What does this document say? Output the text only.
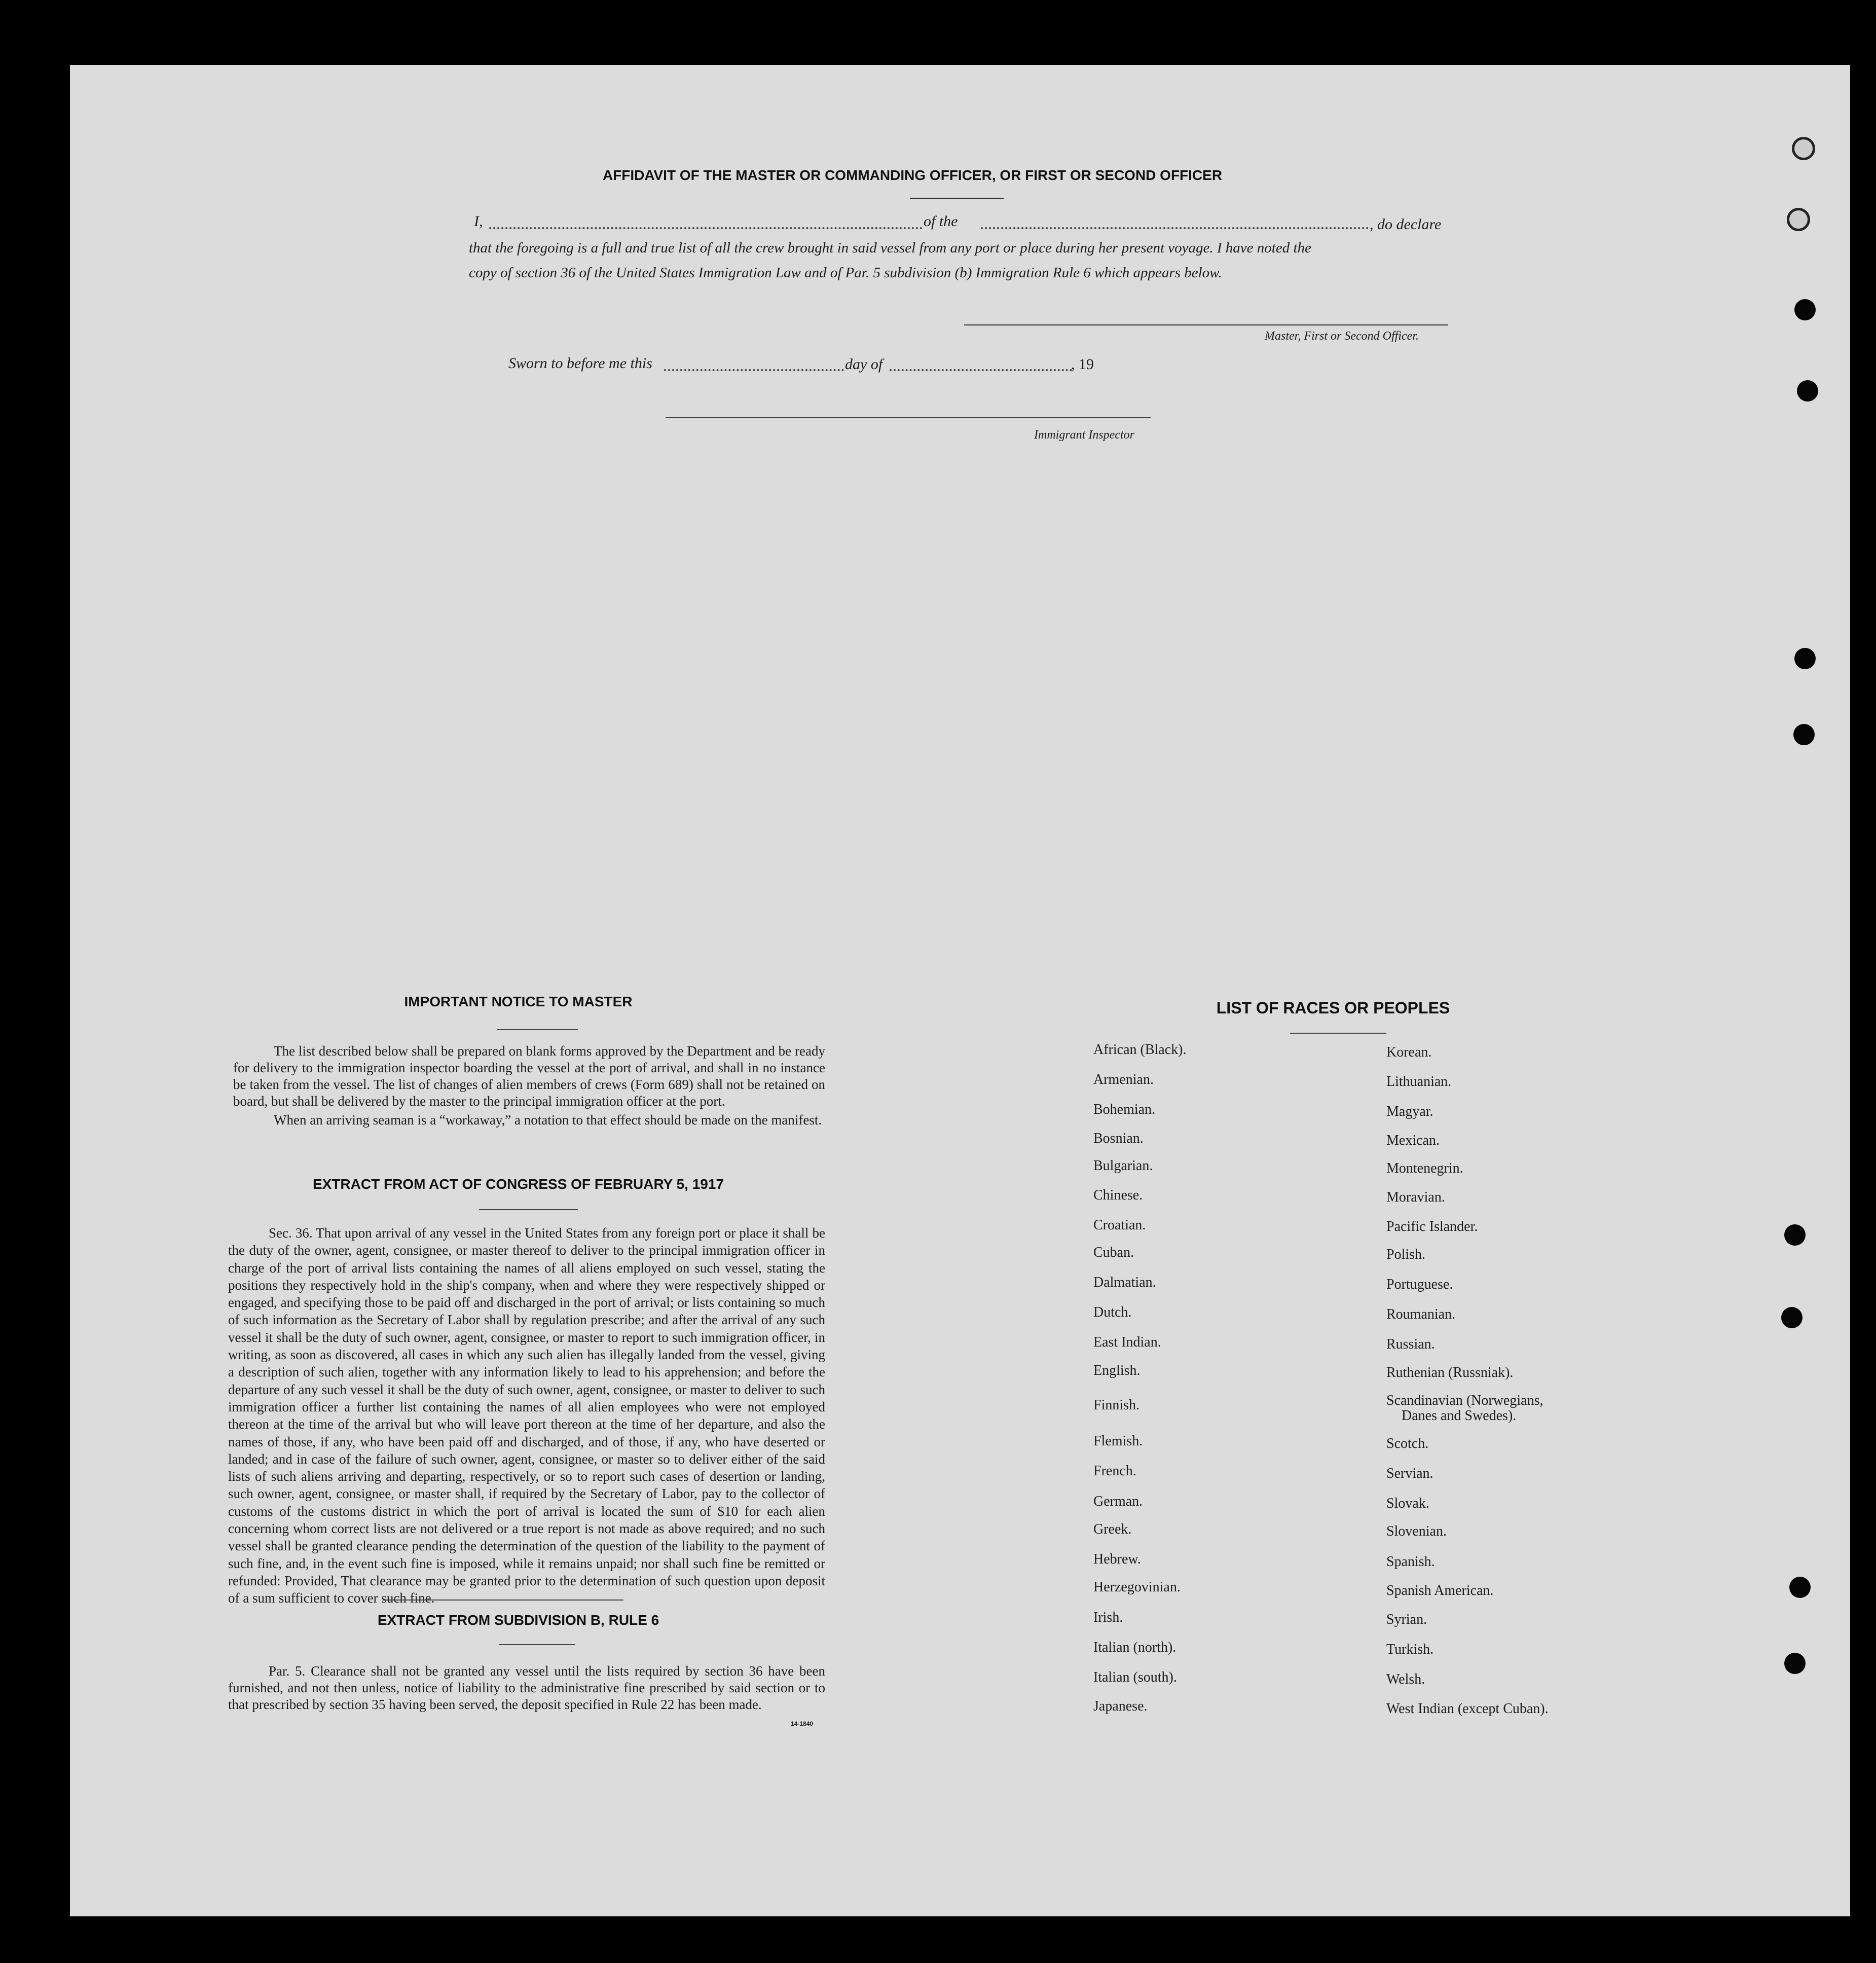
AFFIDAVIT OF THE MASTER OR COMMANDING OFFICER, OR FIRST OR SECOND OFFICER
I,	of the	, do declare
that the foregoing is a full and true list of all the crew brought in said vessel from any port or place during her present voyage. I have noted the
copy of section 36 of the United States Immigration Law and of Par. 5 subdivision (b) Immigration Rule 6 which appears below.
Master, First or Second Officer.
Sworn to before me this	day of	, 19
Immigrant Inspector
IMPORTANT NOTICE TO MASTER
The list described below shall be prepared on blank forms approved by the Department and be ready for delivery to the immigration inspector boarding the vessel at the port of arrival, and shall in no instance be taken from the vessel. The list of changes of alien members of crews (Form 689) shall not be retained on board, but shall be delivered by the master to the principal immigration officer at the port.
When an arriving seaman is a “workaway,” a notation to that effect should be made on the manifest.
EXTRACT FROM ACT OF CONGRESS OF FEBRUARY 5, 1917
Sec. 36. That upon arrival of any vessel in the United States from any foreign port or place it shall be the duty of the owner, agent, consignee, or master thereof to deliver to the principal immigration officer in charge of the port of arrival lists containing the names of all aliens employed on such vessel, stating the positions they respectively hold in the ship's company, when and where they were respectively shipped or engaged, and specifying those to be paid off and discharged in the port of arrival; or lists containing so much of such information as the Secretary of Labor shall by regulation prescribe; and after the arrival of any such vessel it shall be the duty of such owner, agent, consignee, or master to report to such immigration officer, in writing, as soon as discovered, all cases in which any such alien has illegally landed from the vessel, giving a description of such alien, together with any information likely to lead to his apprehension; and before the departure of any such vessel it shall be the duty of such owner, agent, consignee, or master to deliver to such immigration officer a further list containing the names of all alien employees who were not employed thereon at the time of the arrival but who will leave port thereon at the time of her departure, and also the names of those, if any, who have been paid off and discharged, and of those, if any, who have deserted or landed; and in case of the failure of such owner, agent, consignee, or master so to deliver either of the said lists of such aliens arriving and departing, respectively, or so to report such cases of desertion or landing, such owner, agent, consignee, or master shall, if required by the Secretary of Labor, pay to the collector of customs of the customs district in which the port of arrival is located the sum of $10 for each alien concerning whom correct lists are not delivered or a true report is not made as above required; and no such vessel shall be granted clearance pending the determination of the question of the liability to the payment of such fine, and, in the event such fine is imposed, while it remains unpaid; nor shall such fine be remitted or refunded: Provided, That clearance may be granted prior to the determination of such question upon deposit of a sum sufficient to cover such fine.
EXTRACT FROM SUBDIVISION B, RULE 6
Par. 5. Clearance shall not be granted any vessel until the lists required by section 36 have been furnished, and not then unless, notice of liability to the administrative fine prescribed by said section or to that prescribed by section 35 having been served, the deposit specified in Rule 22 has been made.
14-1840
LIST OF RACES OR PEOPLES
African (Black).
Armenian.
Bohemian.
Bosnian.
Bulgarian.
Chinese.
Croatian.
Cuban.
Dalmatian.
Dutch.
East Indian.
English.
Finnish.
Flemish.
French.
German.
Greek.
Hebrew.
Herzegovinian.
Irish.
Italian (north).
Italian (south).
Japanese.
Korean.
Lithuanian.
Magyar.
Mexican.
Montenegrin.
Moravian.
Pacific Islander.
Polish.
Portuguese.
Roumanian.
Russian.
Ruthenian (Russniak).
Scandinavian (Norwegians,
Danes and Swedes).
Scotch.
Servian.
Slovak.
Slovenian.
Spanish.
Spanish American.
Syrian.
Turkish.
Welsh.
West Indian (except Cuban).
